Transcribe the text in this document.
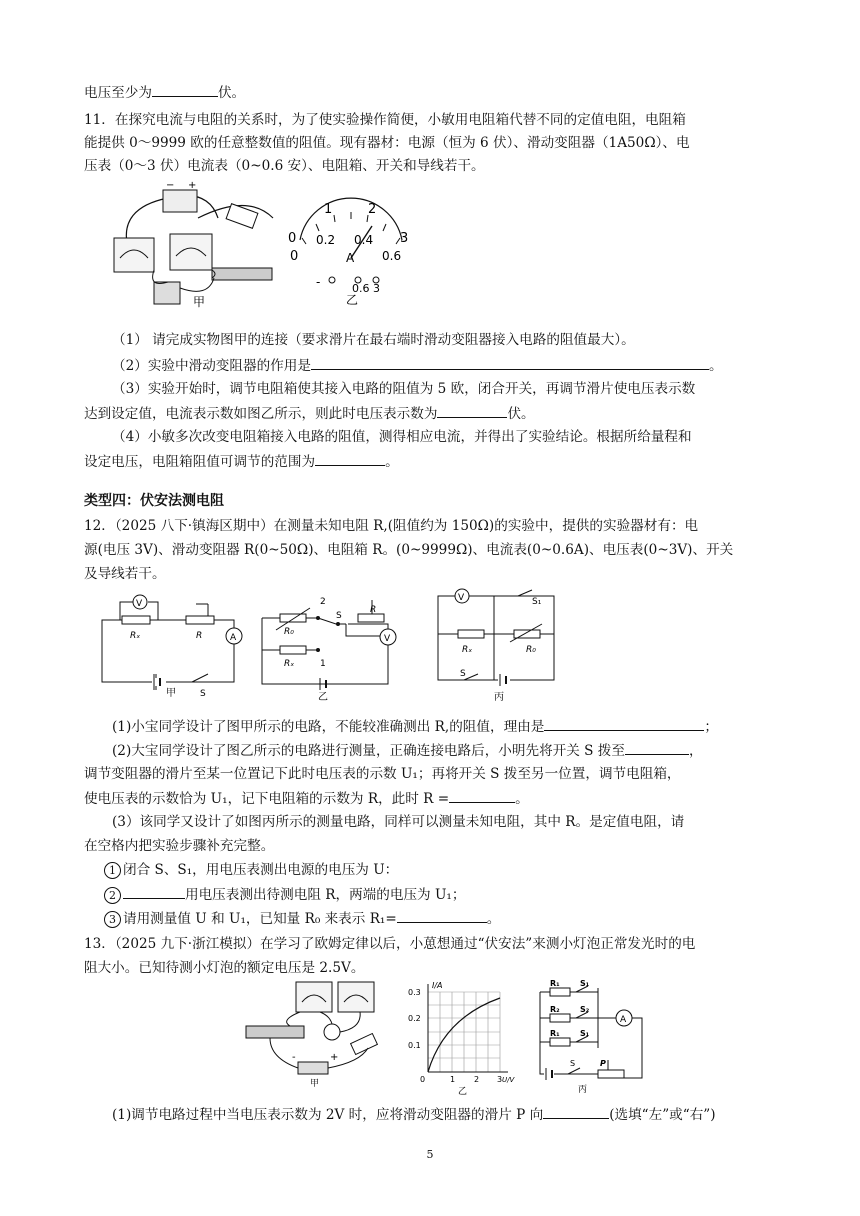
电压至少为	伏。
11．在探究电流与电阻的关系时，为了使实验操作简便，小敏用电阻箱代替不同的定值电阻，电阻箱
能提供 0～9999 欧的任意整数值的阻值。现有器材：电源（恒为 6 伏）、滑动变阻器（1A50Ω）、电
压表（0～3 伏）电流表（0~0.6 安）、电阻箱、开关和导线若干。
− +
甲
0
1	2
3
0
0.2 0.4
0.6
A
-	0.6 3
乙
（1） 请完成实物图甲的连接（要求滑片在最右端时滑动变阻器接入电路的阻值最大）。
（2）实验中滑动变阻器的作用是	。
（3）实验开始时，调节电阻箱使其接入电路的阻值为 5 欧，闭合开关，再调节滑片使电压表示数
达到设定值，电流表示数如图乙所示，则此时电压表示数为	伏。
（4）小敏多次改变电阻箱接入电路的阻值，测得相应电流，并得出了实验结论。根据所给量程和
设定电压，电阻箱阻值可调节的范围为	。
类型四：伏安法测电阻
12．（2025 八下·镇海区期中）在测量未知电阻 R,(阻值约为 150Ω)的实验中，提供的实验器材有：电
源(电压 3V)、滑动变阻器 R(0~50Ω)、电阻箱 R。(0~9999Ω)、电流表(0~0.6A)、电压表(0~3V)、开关
及导线若干。
V
A
Rₓ	R
S
甲
2
1
S
R
V
R₀
Rₓ
乙
V	S₁
Rₓ	R₀
S
丙
(1)小宝同学设计了图甲所示的电路，不能较准确测出 R,的阻值，理由是	；
(2)大宝同学设计了图乙所示的电路进行测量，正确连接电路后，小明先将开关 S 拨至	，
调节变阻器的滑片至某一位置记下此时电压表的示数 U₁；再将开关 S 拨至另一位置，调节电阻箱，
使电压表的示数恰为 U₁，记下电阻箱的示数为 R，此时 R =	。
(3）该同学又设计了如图丙所示的测量电路，同样可以测量未知电阻，其中 R。是定值电阻，请
在空格内把实验步骤补充完整。
1 闭合 S、S₁，用电压表测出电源的电压为 U：
2	用电压表测出待测电阻 R，两端的电压为 U₁；
3 请用测量值 U 和 U₁，已知量 R₀ 来表示 R₁=	。
13．（2025 九下·浙江模拟）在学习了欧姆定律以后，小葸想通过“伏安法”来测小灯泡正常发光时的电
阻大小。已知待测小灯泡的额定电压是 2.5V。
-	+
甲
I/A
0.3
0.2
0.1
0	1 2 3 U/V
乙
A
R₁
R₂
R₁
S₁
S₂
S₁
S	P
丙
(1)调节电路过程中当电压表示数为 2V 时，应将滑动变阻器的滑片 P 向	(选填“左”或“右”)
5
